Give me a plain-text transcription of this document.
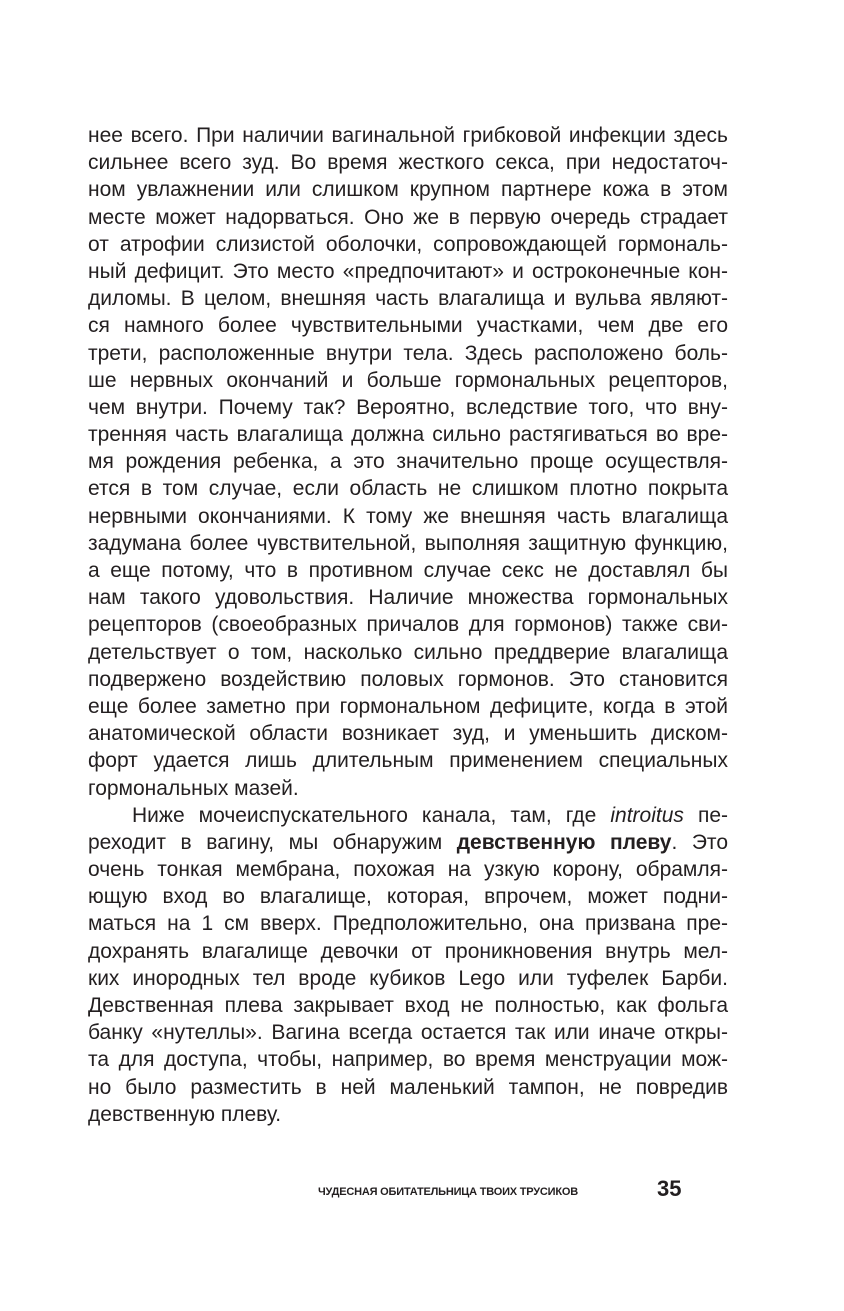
нее всего. При наличии вагинальной грибковой инфекции здесь
сильнее всего зуд. Во время жесткого секса, при недостаточ-
ном увлажнении или слишком крупном партнере кожа в этом
месте может надорваться. Оно же в первую очередь страдает
от атрофии слизистой оболочки, сопровождающей гормональ-
ный дефицит. Это место «предпочитают» и остроконечные кон-
диломы. В целом, внешняя часть влагалища и вульва являют-
ся намного более чувствительными участками, чем две его
трети, расположенные внутри тела. Здесь расположено боль-
ше нервных окончаний и больше гормональных рецепторов,
чем внутри. Почему так? Вероятно, вследствие того, что вну-
тренняя часть влагалища должна сильно растягиваться во вре-
мя рождения ребенка, а это значительно проще осуществля-
ется в том случае, если область не слишком плотно покрыта
нервными окончаниями. К тому же внешняя часть влагалища
задумана более чувствительной, выполняя защитную функцию,
а еще потому, что в противном случае секс не доставлял бы
нам такого удовольствия. Наличие множества гормональных
рецепторов (своеобразных причалов для гормонов) также сви-
детельствует о том, насколько сильно преддверие влагалища
подвержено воздействию половых гормонов. Это становится
еще более заметно при гормональном дефиците, когда в этой
анатомической области возникает зуд, и уменьшить диском-
форт удается лишь длительным применением специальных
гормональных мазей.
Ниже мочеиспускательного канала, там, где introitus пе-
реходит в вагину, мы обнаружим девственную плеву. Это
очень тонкая мембрана, похожая на узкую корону, обрамля-
ющую вход во влагалище, которая, впрочем, может подни-
маться на 1 см вверх. Предположительно, она призвана пре-
дохранять влагалище девочки от проникновения внутрь мел-
ких инородных тел вроде кубиков Lego или туфелек Барби.
Девственная плева закрывает вход не полностью, как фольга
банку «нутеллы». Вагина всегда остается так или иначе откры-
та для доступа, чтобы, например, во время менструации мож-
но было разместить в ней маленький тампон, не повредив
девственную плеву.
ЧУДЕСНАЯ ОБИТАТЕЛЬНИЦА ТВОИХ ТРУСИКОВ	35
